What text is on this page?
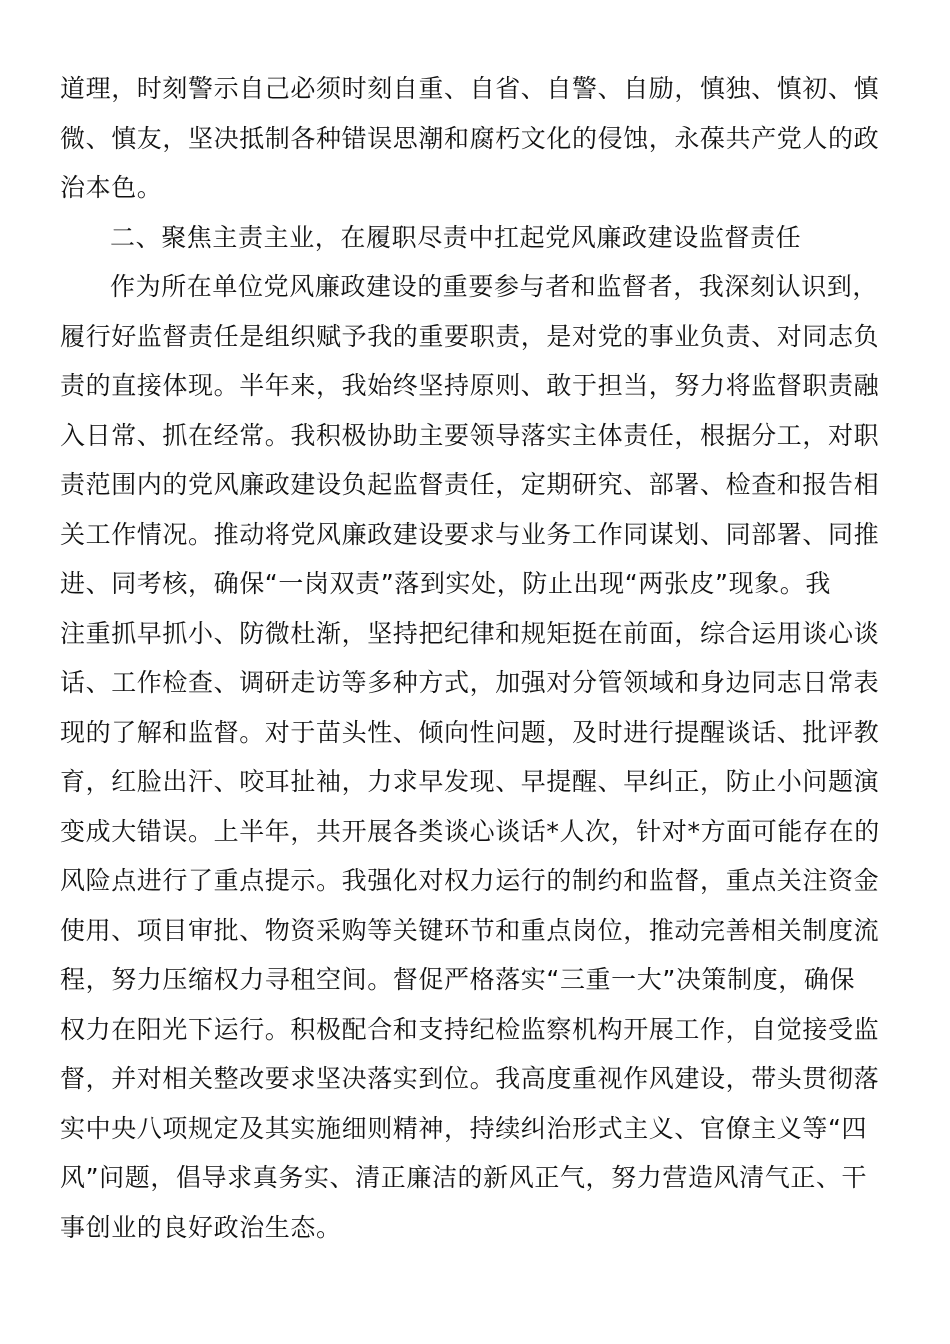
道理，时刻警示自己必须时刻自重、自省、自警、自励，慎独、慎初、慎
微、慎友，坚决抵制各种错误思潮和腐朽文化的侵蚀，永葆共产党人的政
治本色。
二、聚焦主责主业，在履职尽责中扛起党风廉政建设监督责任
作为所在单位党风廉政建设的重要参与者和监督者，我深刻认识到，
履行好监督责任是组织赋予我的重要职责，是对党的事业负责、对同志负
责的直接体现。半年来，我始终坚持原则、敢于担当，努力将监督职责融
入日常、抓在经常。我积极协助主要领导落实主体责任，根据分工，对职
责范围内的党风廉政建设负起监督责任，定期研究、部署、检查和报告相
关工作情况。推动将党风廉政建设要求与业务工作同谋划、同部署、同推
进、同考核，确保“一岗双责”落到实处，防止出现“两张皮”现象。我
注重抓早抓小、防微杜渐，坚持把纪律和规矩挺在前面，综合运用谈心谈
话、工作检查、调研走访等多种方式，加强对分管领域和身边同志日常表
现的了解和监督。对于苗头性、倾向性问题，及时进行提醒谈话、批评教
育，红脸出汗、咬耳扯袖，力求早发现、早提醒、早纠正，防止小问题演
变成大错误。上半年，共开展各类谈心谈话*人次，针对*方面可能存在的
风险点进行了重点提示。我强化对权力运行的制约和监督，重点关注资金
使用、项目审批、物资采购等关键环节和重点岗位，推动完善相关制度流
程，努力压缩权力寻租空间。督促严格落实“三重一大”决策制度，确保
权力在阳光下运行。积极配合和支持纪检监察机构开展工作，自觉接受监
督，并对相关整改要求坚决落实到位。我高度重视作风建设，带头贯彻落
实中央八项规定及其实施细则精神，持续纠治形式主义、官僚主义等“四
风”问题，倡导求真务实、清正廉洁的新风正气，努力营造风清气正、干
事创业的良好政治生态。
